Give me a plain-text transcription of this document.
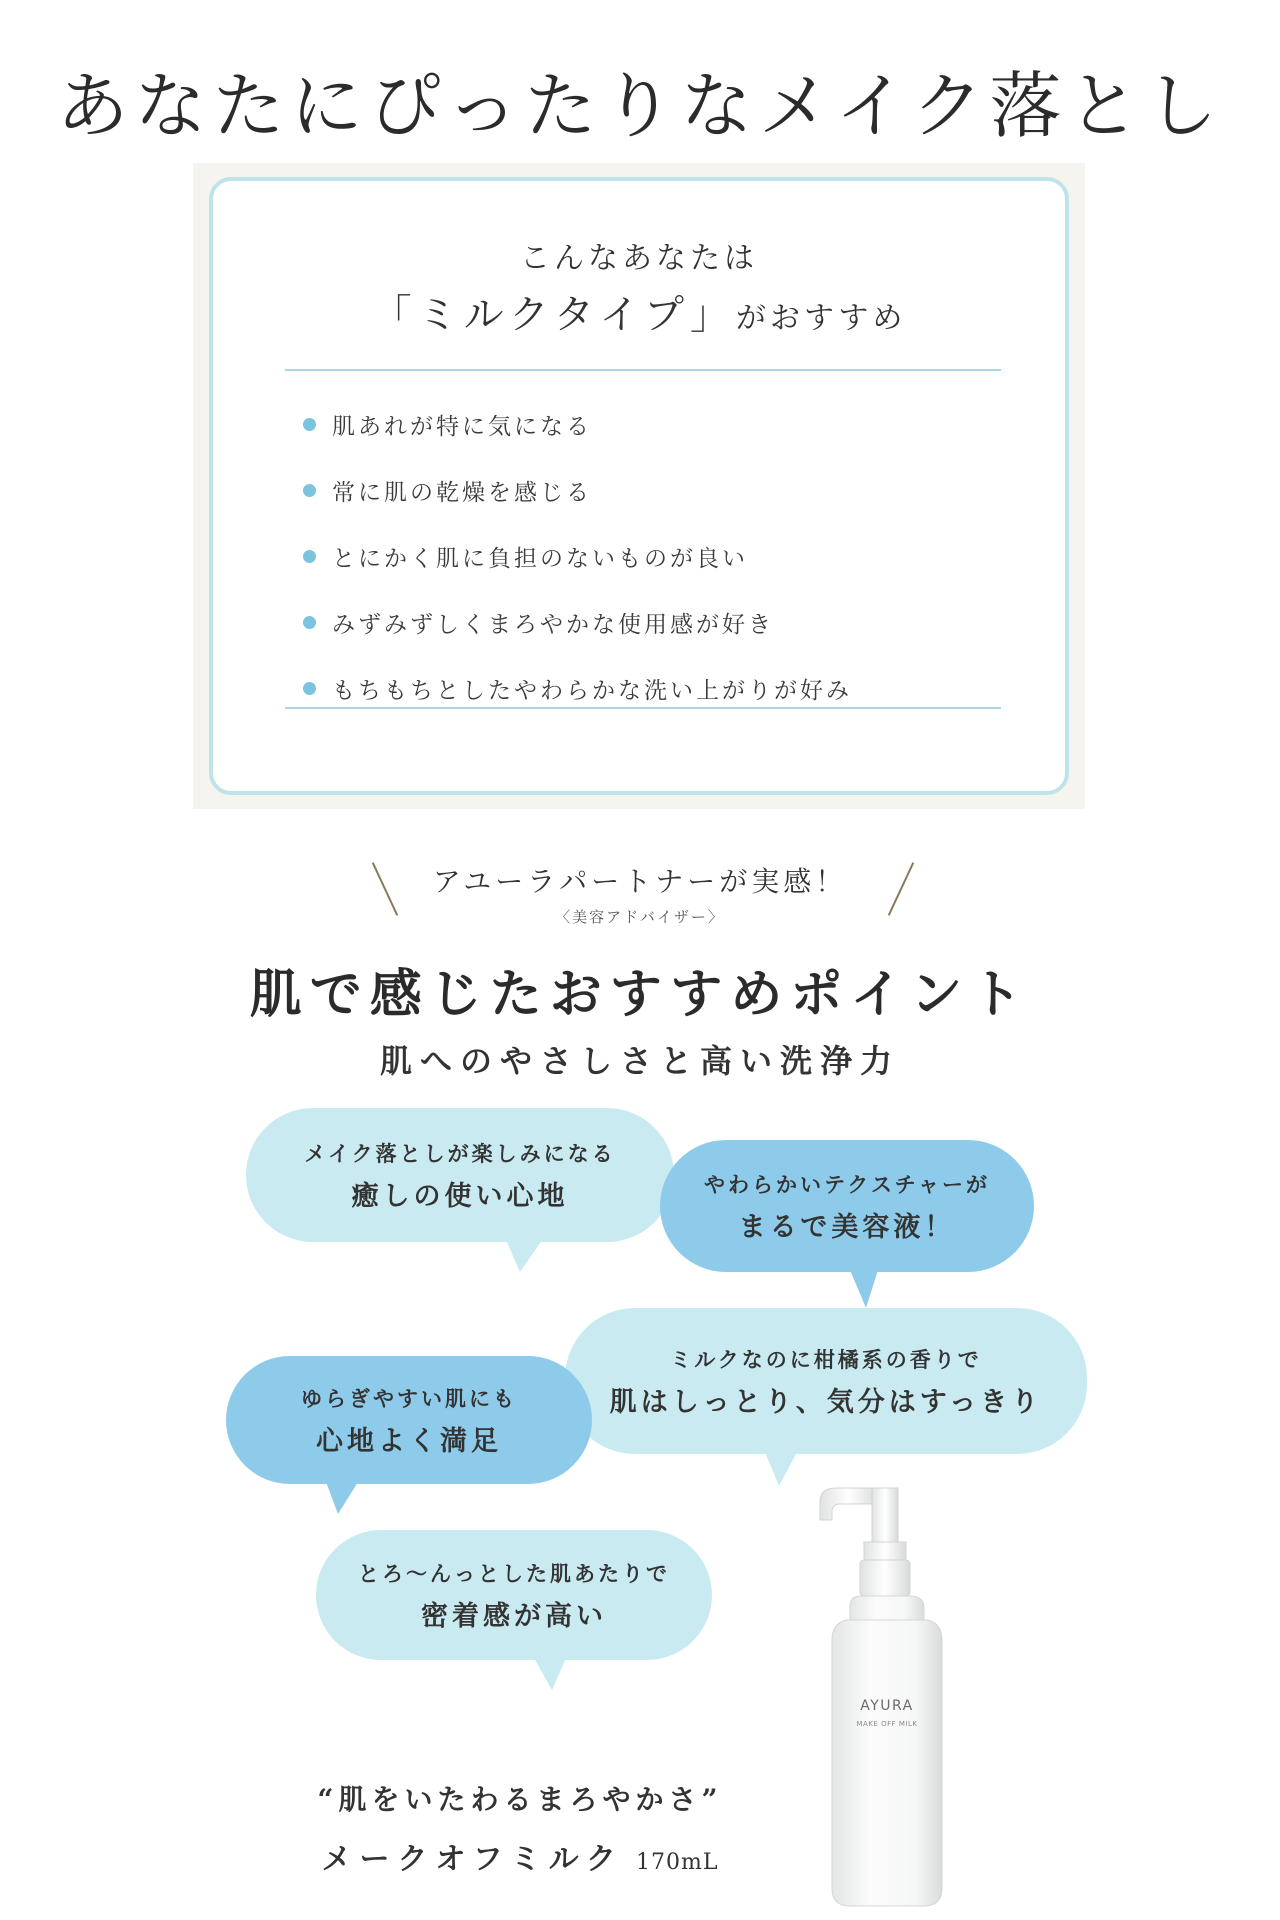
あなたにぴったりなメイク落とし
こんなあなたは
「ミルクタイプ」がおすすめ
肌あれが特に気になる
常に肌の乾燥を感じる
とにかく肌に負担のないものが良い
みずみずしくまろやかな使用感が好き
もちもちとしたやわらかな洗い上がりが好み
アユーラパートナーが実感！
〈美容アドバイザー〉
肌で感じたおすすめポイント
肌へのやさしさと高い洗浄力
メイク落としが楽しみになる
癒しの使い心地	やわらかいテクスチャーが
まるで美容液！
ミルクなのに柑橘系の香りで
肌はしっとり、気分はすっきり
ゆらぎやすい肌にも
心地よく満足
とろ〜んっとした肌あたりで
密着感が高い
AYURA
MAKE OFF MILK
“肌をいたわるまろやかさ”
メークオフミルク 170mL
